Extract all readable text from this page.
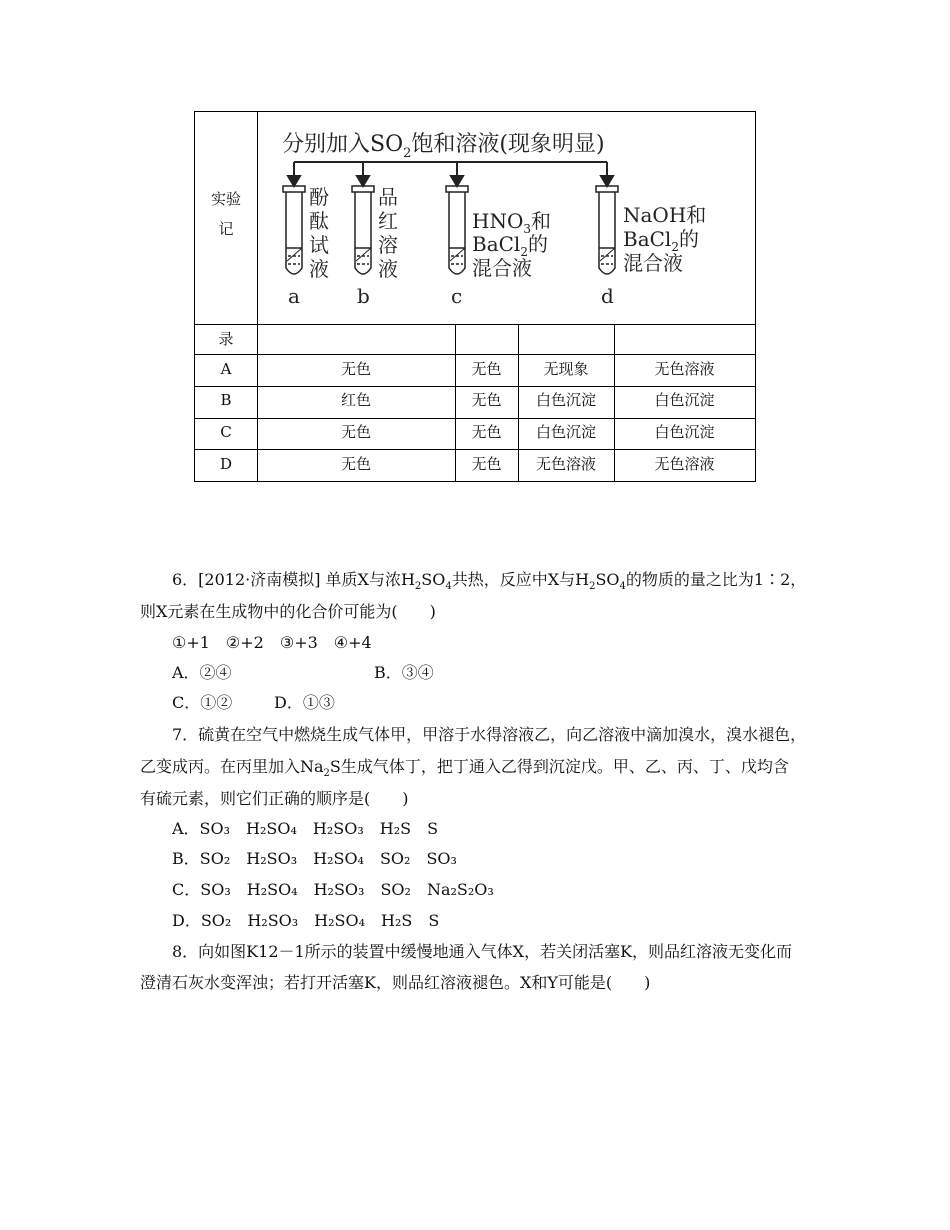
实验
记
录
分别加入$SO_2$饱和溶液(现象明显)
酚
酞
试
液
品
红
溶
液
$HNO_3$和
BaCl$_2$的
混合液
NaOH和
BaCl$_2$的
混合液
a	b	c	d
A	无色	无色	无现象	无色溶液
B	红色	无色	白色沉淀	白色沉淀
C	无色	无色	白色沉淀	白色沉淀
D	无色	无色	无色溶液	无色溶液
6．[2012·济南模拟] 单质X与浓$H_2SO_4$共热，反应中X与$H_2SO_4$的物质的量之比为1∶2，
则X元素在生成物中的化合价可能为(　　)
①+1　②+2　③+3　④+4
A．②④	B．③④
C．①②	D．①③
7．硫黄在空气中燃烧生成气体甲，甲溶于水得溶液乙，向乙溶液中滴加溴水，溴水褪色，
乙变成丙。在丙里加入$Na_2S$生成气体丁，把丁通入乙得到沉淀戊。甲、乙、丙、丁、戊均含
有硫元素，则它们正确的顺序是(　　)
A．SO₃　H₂SO₄　H₂SO₃　H₂S　S
B．SO₂　H₂SO₃　H₂SO₄　SO₂　SO₃
C．SO₃　H₂SO₄　H₂SO₃　SO₂　Na₂S₂O₃
D．SO₂　H₂SO₃　H₂SO₄　H₂S　S
8．向如图K12－1所示的装置中缓慢地通入气体X，若关闭活塞K，则品红溶液无变化而
澄清石灰水变浑浊；若打开活塞K，则品红溶液褪色。X和Y可能是(　　)
